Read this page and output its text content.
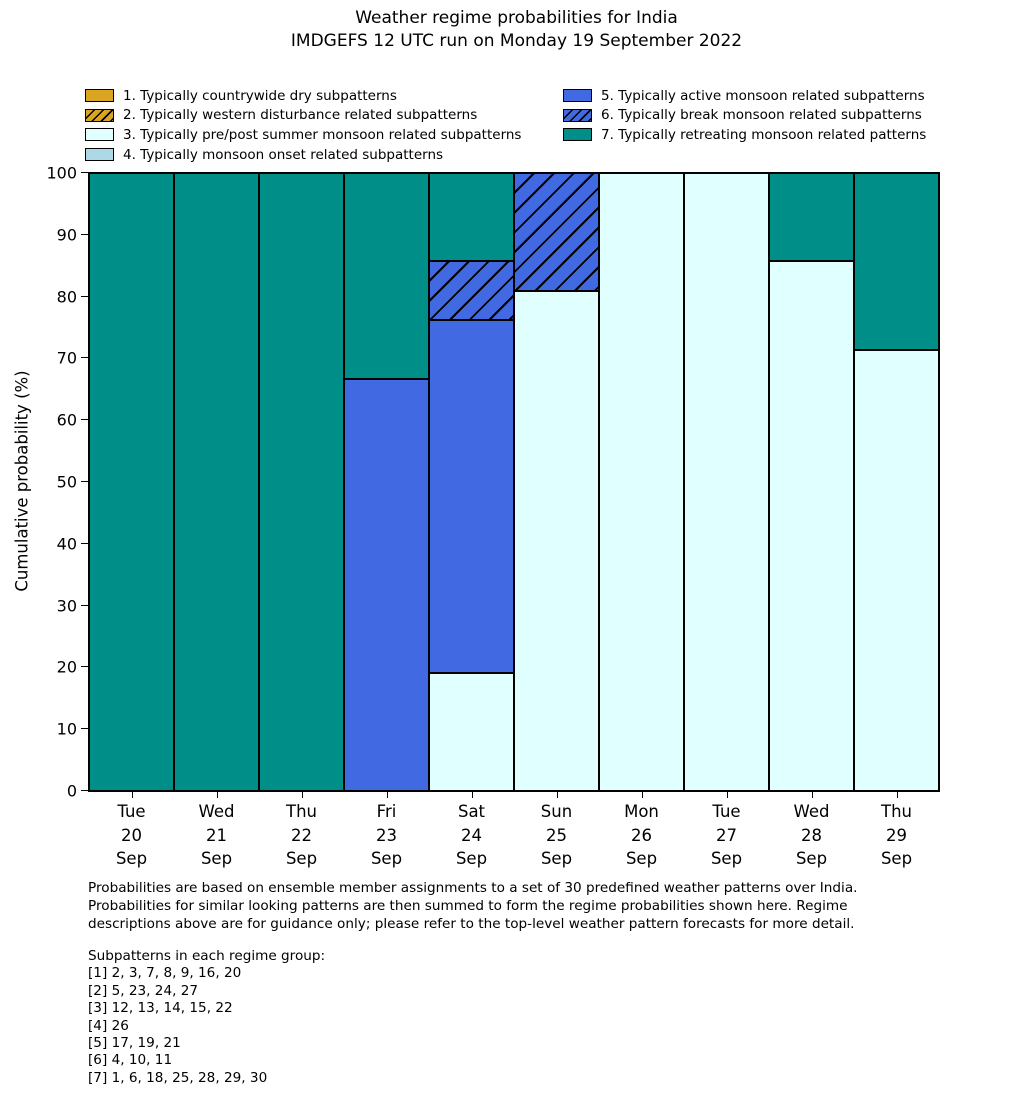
Weather regime probabilities for India
IMDGEFS 12 UTC run on Monday 19 September 2022
1. Typically countrywide dry subpatterns
2. Typically western disturbance related subpatterns
3. Typically pre/post summer monsoon related subpatterns
4. Typically monsoon onset related subpatterns
5. Typically active monsoon related subpatterns
6. Typically break monsoon related subpatterns
7. Typically retreating monsoon related patterns
Cumulative probability (%)
0
10
20
30
40
50
60
70
80
90
100
Tue
20
Sep
Wed
21
Sep
Thu
22
Sep
Fri
23
Sep
Sat
24
Sep
Sun
25
Sep
Mon
26
Sep
Tue
27
Sep
Wed
28
Sep
Thu
29
Sep
Probabilities are based on ensemble member assignments to a set of 30 predefined weather patterns over India.
Probabilities for similar looking patterns are then summed to form the regime probabilities shown here. Regime
descriptions above are for guidance only; please refer to the top-level weather pattern forecasts for more detail.
Subpatterns in each regime group:
[1] 2, 3, 7, 8, 9, 16, 20
[2] 5, 23, 24, 27
[3] 12, 13, 14, 15, 22
[4] 26
[5] 17, 19, 21
[6] 4, 10, 11
[7] 1, 6, 18, 25, 28, 29, 30
